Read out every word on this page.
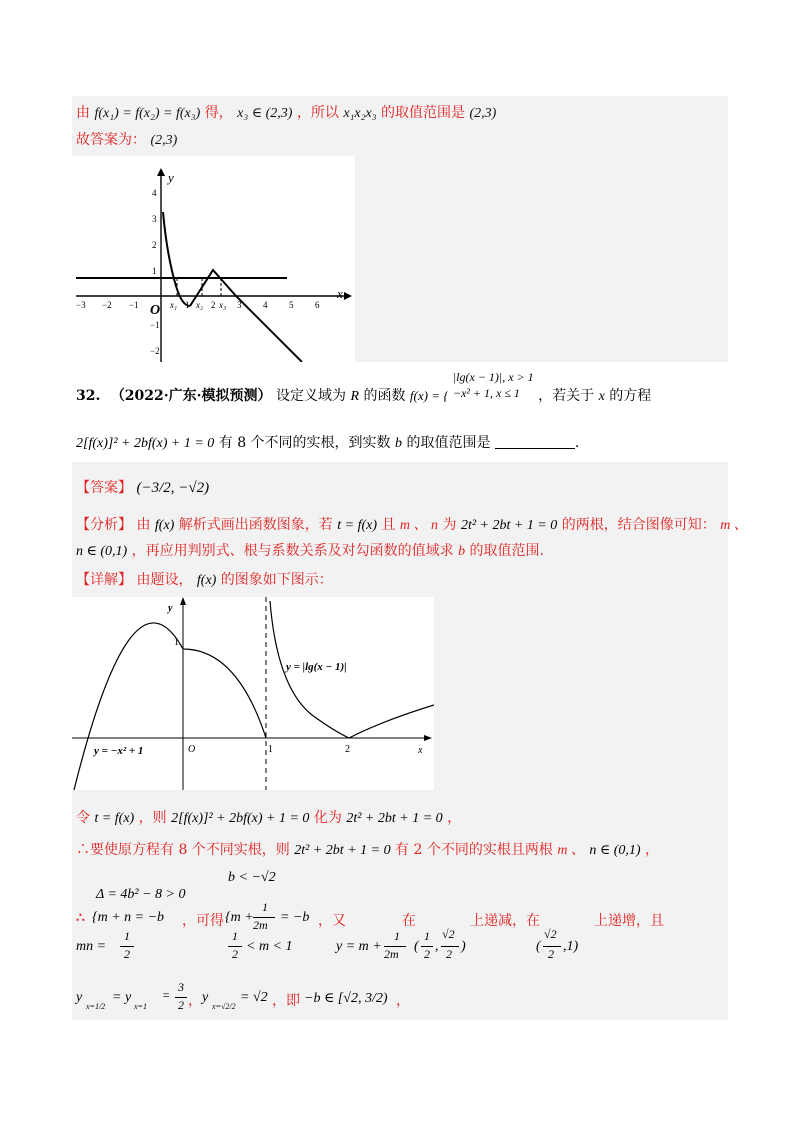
由 f(x₁) = f(x₂) = f(x₃) 得， x₃ ∈ (2,3) ，所以 x₁x₂x₃ 的取值范围是 (2,3)
故答案为： (2,3)
y
x
O
−3 −2 −1	1 2 3 4 5 6
4
3
2
1
−1
−2
x₁ x₂ x₃
32. （2022·广东·模拟预测） 设定义域为 R 的函数 f(x) = {
|lg(x − 1)|, x > 1
−x² + 1, x ≤ 1	，若关于 x 的方程
2[f(x)]² + 2bf(x) + 1 = 0 有 8 个不同的实根，到实数 b 的取值范围是	.
【答案】 (−3/2, −√2)
【分析】 由 f(x) 解析式画出函数图象，若 t = f(x) 且 m 、 n 为 2t² + 2bt + 1 = 0 的两根，结合图像可知： m 、
n ∈ (0,1) ，再应用判别式、根与系数关系及对勾函数的值域求 b 的取值范围.
【详解】 由题设， f(x) 的图象如下图示：
y
x
O
1
1	2
y = |lg(x − 1)|
y = −x² + 1
令 t = f(x) ，则 2[f(x)]² + 2bf(x) + 1 = 0 化为 2t² + 2bt + 1 = 0 ，
∴要使原方程有 8 个不同实根，则 2t² + 2bt + 1 = 0 有 2 个不同的实根且两根 m 、 n ∈ (0,1) ，
Δ = 4b² − 8 > 0
∴ {m + n = −b
mn =
1
2
，可得
b < −√2
{m +
1
2m = −b
1
2 < m < 1
，又	在	上递减，在	上递增，且
y = m +
1
2m (
1
2 ,
√2
2 )	(
√2
2 ,1)
y
x=1/2
= y
x=1
=
3
2 ， y
x=√2/2
= √2 ，即 −b ∈ [√2, 3/2) ，
